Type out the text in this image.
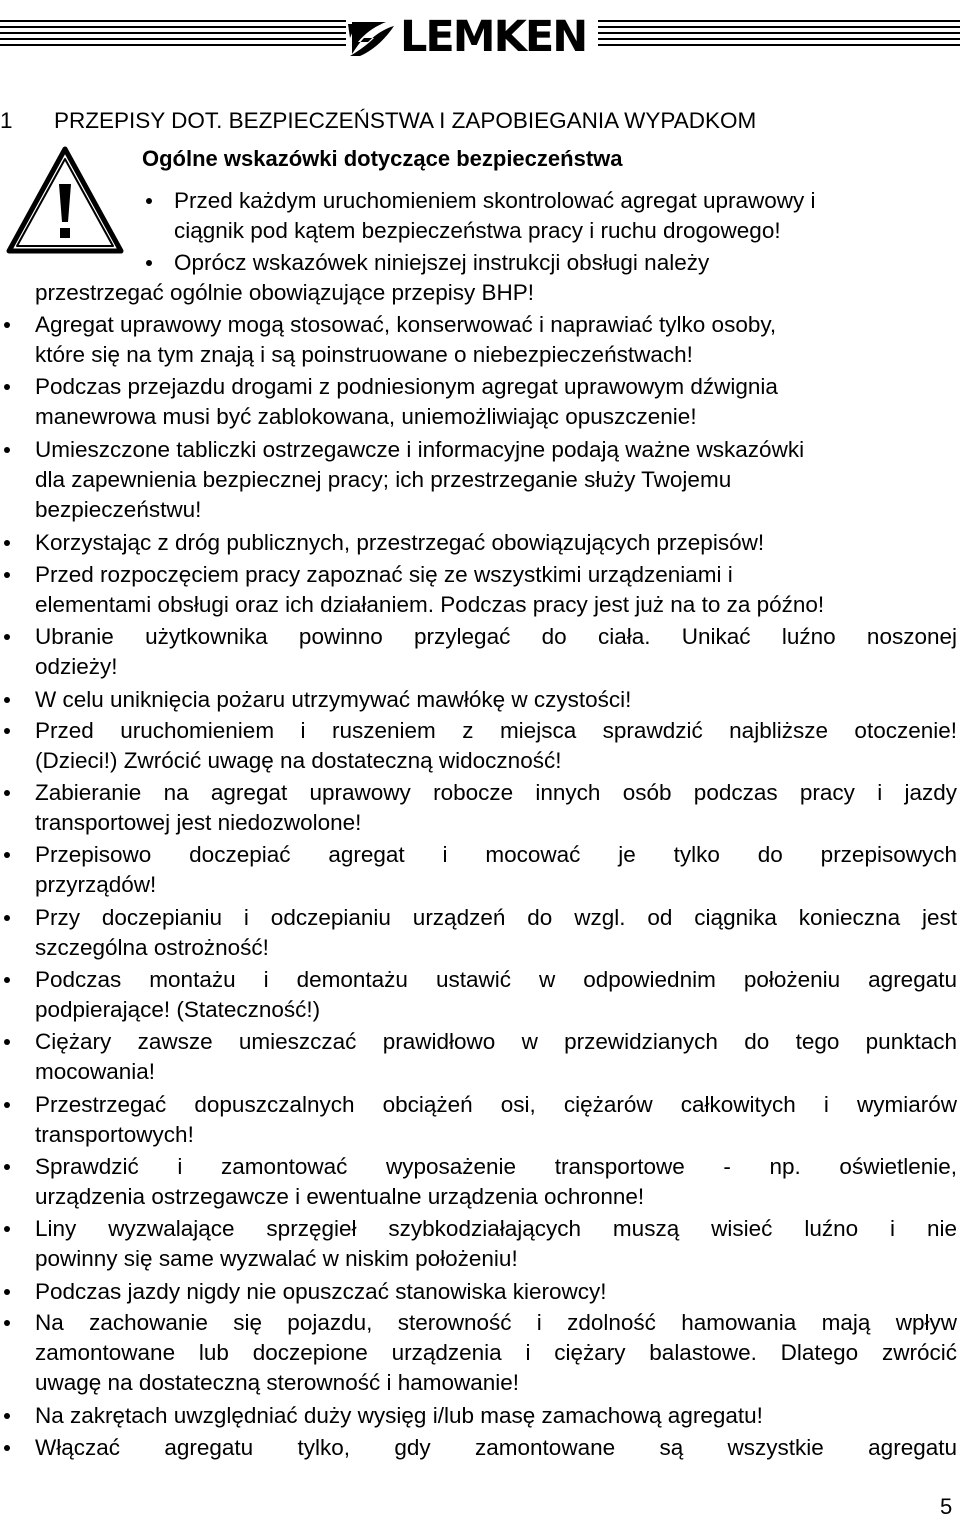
LEMKEN
1 PRZEPISY DOT. BEZPIECZEŃSTWA I ZAPOBIEGANIA WYPADKOM
Ogólne wskazówki dotyczące bezpieczeństwa
Przed każdym uruchomieniem skontrolować agregat uprawowy i
ciągnik pod kątem bezpieczeństwa pracy i ruchu drogowego!
Oprócz wskazówek niniejszej instrukcji obsługi należy
przestrzegać ogólnie obowiązujące przepisy BHP!
Agregat uprawowy mogą stosować, konserwować i naprawiać tylko osoby,
które się na tym znają i są poinstruowane o niebezpieczeństwach!
Podczas przejazdu drogami z podniesionym agregat uprawowym dźwignia
manewrowa musi być zablokowana, uniemożliwiając opuszczenie!
Umieszczone tabliczki ostrzegawcze i informacyjne podają ważne wskazówki
dla zapewnienia bezpiecznej pracy; ich przestrzeganie służy Twojemu
bezpieczeństwu!
Korzystając z dróg publicznych, przestrzegać obowiązujących przepisów!
Przed rozpoczęciem pracy zapoznać się ze wszystkimi urządzeniami i
elementami obsługi oraz ich działaniem. Podczas pracy jest już na to za późno!
Ubranie użytkownika powinno przylegać do ciała. Unikać luźno noszonej
odzieży!
W celu uniknięcia pożaru utrzymywać mawłókę w czystości!
Przed uruchomieniem i ruszeniem z miejsca sprawdzić najbliższe otoczenie!
(Dzieci!) Zwrócić uwagę na dostateczną widoczność!
Zabieranie na agregat uprawowy robocze innych osób podczas pracy i jazdy
transportowej jest niedozwolone!
Przepisowo doczepiać agregat i mocować je tylko do przepisowych
przyrządów!
Przy doczepianiu i odczepianiu urządzeń do wzgl. od ciągnika konieczna jest
szczególna ostrożność!
Podczas montażu i demontażu ustawić w odpowiednim położeniu agregatu
podpierające! (Stateczność!)
Ciężary zawsze umieszczać prawidłowo w przewidzianych do tego punktach
mocowania!
Przestrzegać dopuszczalnych obciążeń osi, ciężarów całkowitych i wymiarów
transportowych!
Sprawdzić i zamontować wyposażenie transportowe - np. oświetlenie,
urządzenia ostrzegawcze i ewentualne urządzenia ochronne!
Liny wyzwalające sprzęgieł szybkodziałających muszą wisieć luźno i nie
powinny się same wyzwalać w niskim położeniu!
Podczas jazdy nigdy nie opuszczać stanowiska kierowcy!
Na zachowanie się pojazdu, sterowność i zdolność hamowania mają wpływ
zamontowane lub doczepione urządzenia i ciężary balastowe. Dlatego zwrócić
uwagę na dostateczną sterowność i hamowanie!
Na zakrętach uwzględniać duży wysięg i/lub masę zamachową agregatu!
Włączać agregatu tylko, gdy zamontowane są wszystkie agregatu
5
